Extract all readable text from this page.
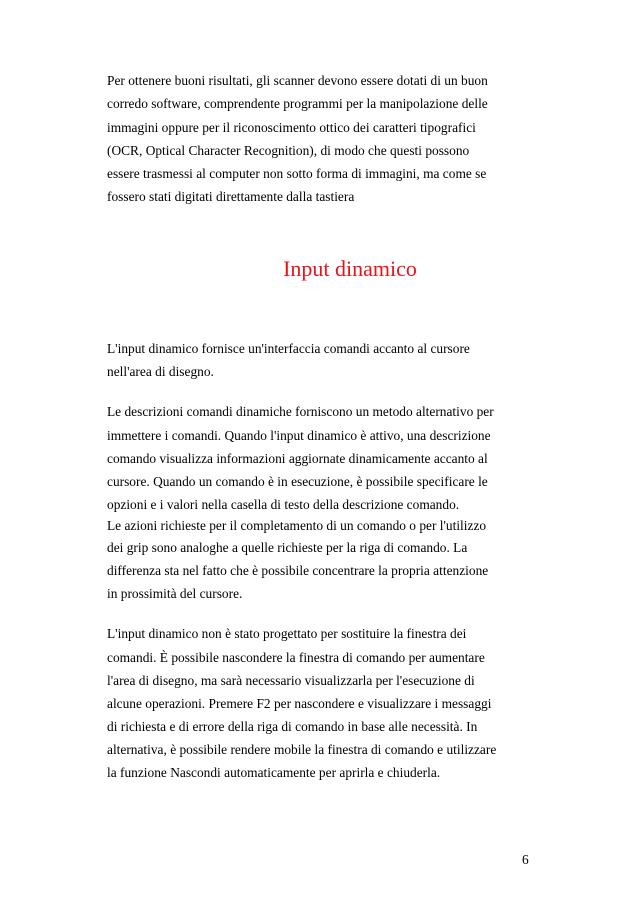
Per ottenere buoni risultati, gli scanner devono essere dotati di un buon
corredo software, comprendente programmi per la manipolazione delle
immagini oppure per il riconoscimento ottico dei caratteri tipografici
(OCR, Optical Character Recognition), di modo che questi possono
essere trasmessi al computer non sotto forma di immagini, ma come se
fossero stati digitati direttamente dalla tastiera
Input dinamico
L'input dinamico fornisce un'interfaccia comandi accanto al cursore
nell'area di disegno.
Le descrizioni comandi dinamiche forniscono un metodo alternativo per
immettere i comandi. Quando l'input dinamico è attivo, una descrizione
comando visualizza informazioni aggiornate dinamicamente accanto al
cursore. Quando un comando è in esecuzione, è possibile specificare le
opzioni e i valori nella casella di testo della descrizione comando.
Le azioni richieste per il completamento di un comando o per l'utilizzo
dei grip sono analoghe a quelle richieste per la riga di comando. La
differenza sta nel fatto che è possibile concentrare la propria attenzione
in prossimità del cursore.
L'input dinamico non è stato progettato per sostituire la finestra dei
comandi. È possibile nascondere la finestra di comando per aumentare
l'area di disegno, ma sarà necessario visualizzarla per l'esecuzione di
alcune operazioni. Premere F2 per nascondere e visualizzare i messaggi
di richiesta e di errore della riga di comando in base alle necessità. In
alternativa, è possibile rendere mobile la finestra di comando e utilizzare
la funzione Nascondi automaticamente per aprirla e chiuderla.
6
